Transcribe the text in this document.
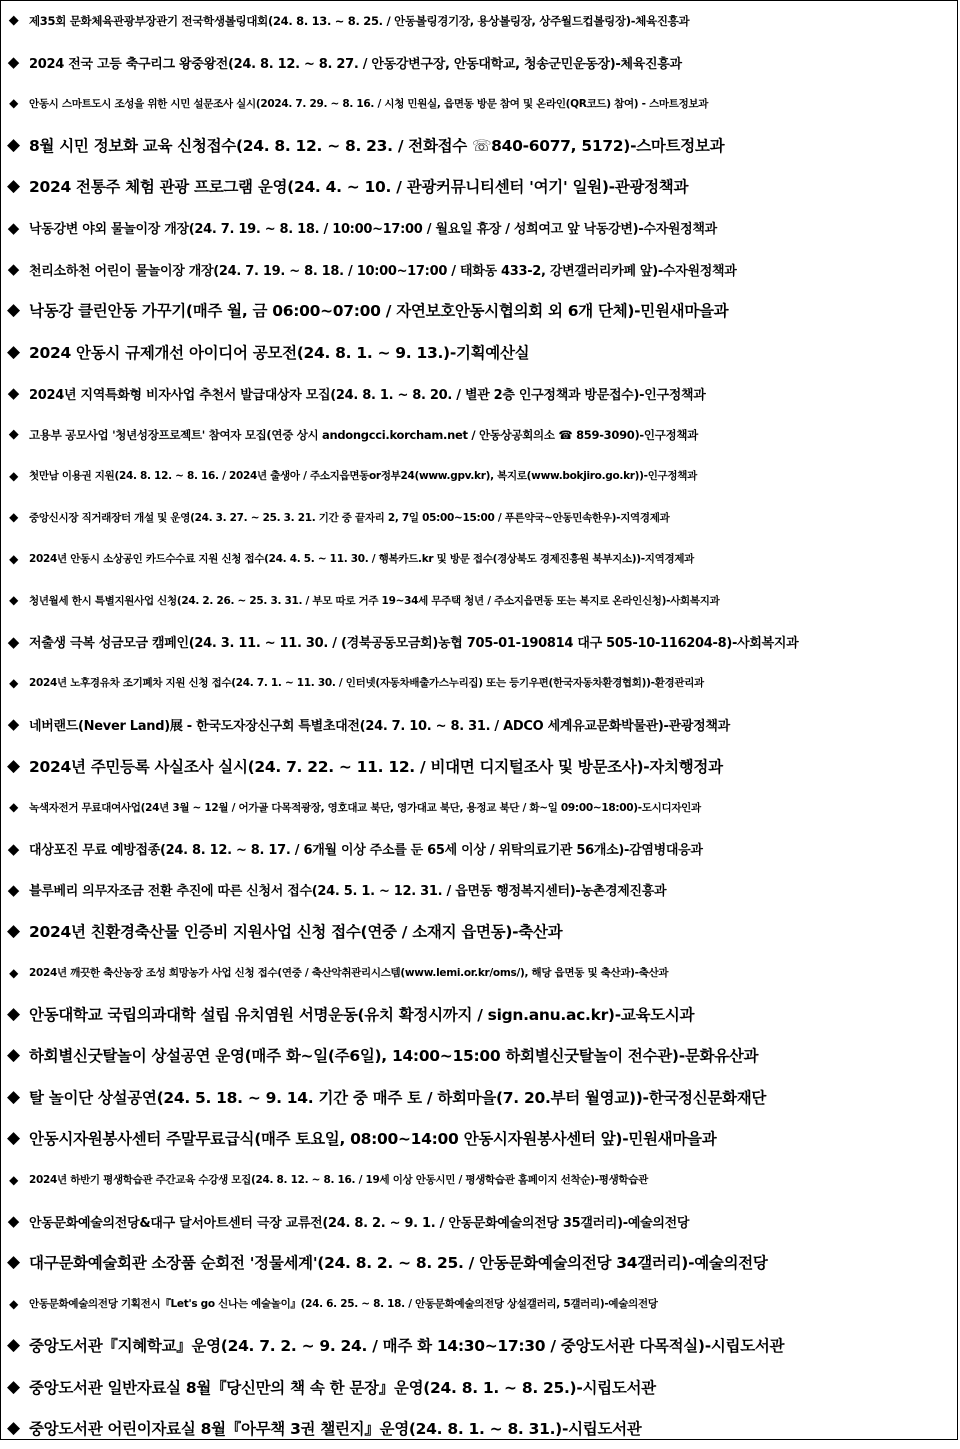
◆ 제35회 문화체육관광부장관기 전국학생볼링대회(24. 8. 13. ~ 8. 25. / 안동볼링경기장, 용상볼링장, 상주월드컵볼링장)-체육진흥과
◆ 2024 전국 고등 축구리그 왕중왕전(24. 8. 12. ~ 8. 27. / 안동강변구장, 안동대학교, 청송군민운동장)-체육진흥과
◆ 안동시 스마트도시 조성을 위한 시민 설문조사 실시(2024. 7. 29. ~ 8. 16. / 시청 민원실, 읍면동 방문 참여 및 온라인(QR코드) 참여) - 스마트정보과
◆ 8월 시민 정보화 교육 신청접수(24. 8. 12. ~ 8. 23. / 전화접수 ☏840-6077, 5172)-스마트정보과
◆ 2024 전통주 체험 관광 프로그램 운영(24. 4. ~ 10. / 관광커뮤니티센터 '여기' 일원)-관광정책과
◆ 낙동강변 야외 물놀이장 개장(24. 7. 19. ~ 8. 18. / 10:00~17:00 / 월요일 휴장 / 성희여고 앞 낙동강변)-수자원정책과
◆ 천리소하천 어린이 물놀이장 개장(24. 7. 19. ~ 8. 18. / 10:00~17:00 / 태화동 433-2, 강변갤러리카페 앞)-수자원정책과
◆ 낙동강 클린안동 가꾸기(매주 월, 금 06:00~07:00 / 자연보호안동시협의회 외 6개 단체)-민원새마을과
◆ 2024 안동시 규제개선 아이디어 공모전(24. 8. 1. ~ 9. 13.)-기획예산실
◆ 2024년 지역특화형 비자사업 추천서 발급대상자 모집(24. 8. 1. ~ 8. 20. / 별관 2층 인구정책과 방문접수)-인구정책과
◆ 고용부 공모사업 '청년성장프로젝트' 참여자 모집(연중 상시 andongcci.korcham.net / 안동상공회의소 ☎ 859-3090)-인구정책과
◆ 첫만남 이용권 지원(24. 8. 12. ~ 8. 16. / 2024년 출생아 / 주소지읍면동or정부24(www.gpv.kr), 복지로(www.bokjiro.go.kr))-인구정책과
◆ 중앙신시장 직거래장터 개설 및 운영(24. 3. 27. ~ 25. 3. 21. 기간 중 끝자리 2, 7일 05:00~15:00 / 푸른약국~안동민속한우)-지역경제과
◆ 2024년 안동시 소상공인 카드수수료 지원 신청 접수(24. 4. 5. ~ 11. 30. / 행복카드.kr 및 방문 접수(경상북도 경제진흥원 북부지소))-지역경제과
◆ 청년월세 한시 특별지원사업 신청(24. 2. 26. ~ 25. 3. 31. / 부모 따로 거주 19~34세 무주택 청년 / 주소지읍면동 또는 복지로 온라인신청)-사회복지과
◆ 저출생 극복 성금모금 캠페인(24. 3. 11. ~ 11. 30. / (경북공동모금회)농협 705-01-190814 대구 505-10-116204-8)-사회복지과
◆ 2024년 노후경유차 조기폐차 지원 신청 접수(24. 7. 1. ~ 11. 30. / 인터넷(자동차배출가스누리집) 또는 등기우편(한국자동차환경협회))-환경관리과
◆ 네버랜드(Never Land)展 - 한국도자장신구회 특별초대전(24. 7. 10. ~ 8. 31. / ADCO 세계유교문화박물관)-관광정책과
◆ 2024년 주민등록 사실조사 실시(24. 7. 22. ~ 11. 12. / 비대면 디지털조사 및 방문조사)-자치행정과
◆ 녹색자전거 무료대여사업(24년 3월 ~ 12월 / 어가골 다목적광장, 영호대교 북단, 영가대교 북단, 용정교 북단 / 화~일 09:00~18:00)-도시디자인과
◆ 대상포진 무료 예방접종(24. 8. 12. ~ 8. 17. / 6개월 이상 주소를 둔 65세 이상 / 위탁의료기관 56개소)-감염병대응과
◆ 블루베리 의무자조금 전환 추진에 따른 신청서 접수(24. 5. 1. ~ 12. 31. / 읍면동 행정복지센터)-농촌경제진흥과
◆ 2024년 친환경축산물 인증비 지원사업 신청 접수(연중 / 소재지 읍면동)-축산과
◆ 2024년 깨끗한 축산농장 조성 희망농가 사업 신청 접수(연중 / 축산악취관리시스템(www.lemi.or.kr/oms/), 해당 읍면동 및 축산과)-축산과
◆ 안동대학교 국립의과대학 설립 유치염원 서명운동(유치 확정시까지 / sign.anu.ac.kr)-교육도시과
◆ 하회별신굿탈놀이 상설공연 운영(매주 화~일(주6일), 14:00~15:00 하회별신굿탈놀이 전수관)-문화유산과
◆ 탈 놀이단 상설공연(24. 5. 18. ~ 9. 14. 기간 중 매주 토 / 하회마을(7. 20.부터 월영교))-한국정신문화재단
◆ 안동시자원봉사센터 주말무료급식(매주 토요일, 08:00~14:00 안동시자원봉사센터 앞)-민원새마을과
◆ 2024년 하반기 평생학습관 주간교육 수강생 모집(24. 8. 12. ~ 8. 16. / 19세 이상 안동시민 / 평생학습관 홈페이지 선착순)-평생학습관
◆ 안동문화예술의전당&대구 달서아트센터 극장 교류전(24. 8. 2. ~ 9. 1. / 안동문화예술의전당 35갤러리)-예술의전당
◆ 대구문화예술회관 소장품 순회전 '정물세계'(24. 8. 2. ~ 8. 25. / 안동문화예술의전당 34갤러리)-예술의전당
◆ 안동문화예술의전당 기획전시『Let's go 신나는 예술놀이』(24. 6. 25. ~ 8. 18. / 안동문화예술의전당 상설갤러리, 5갤러리)-예술의전당
◆ 중앙도서관『지혜학교』운영(24. 7. 2. ~ 9. 24. / 매주 화 14:30~17:30 / 중앙도서관 다목적실)-시립도서관
◆ 중앙도서관 일반자료실 8월『당신만의 책 속 한 문장』운영(24. 8. 1. ~ 8. 25.)-시립도서관
◆ 중앙도서관 어린이자료실 8월『아무책 3권 챌린지』운영(24. 8. 1. ~ 8. 31.)-시립도서관
